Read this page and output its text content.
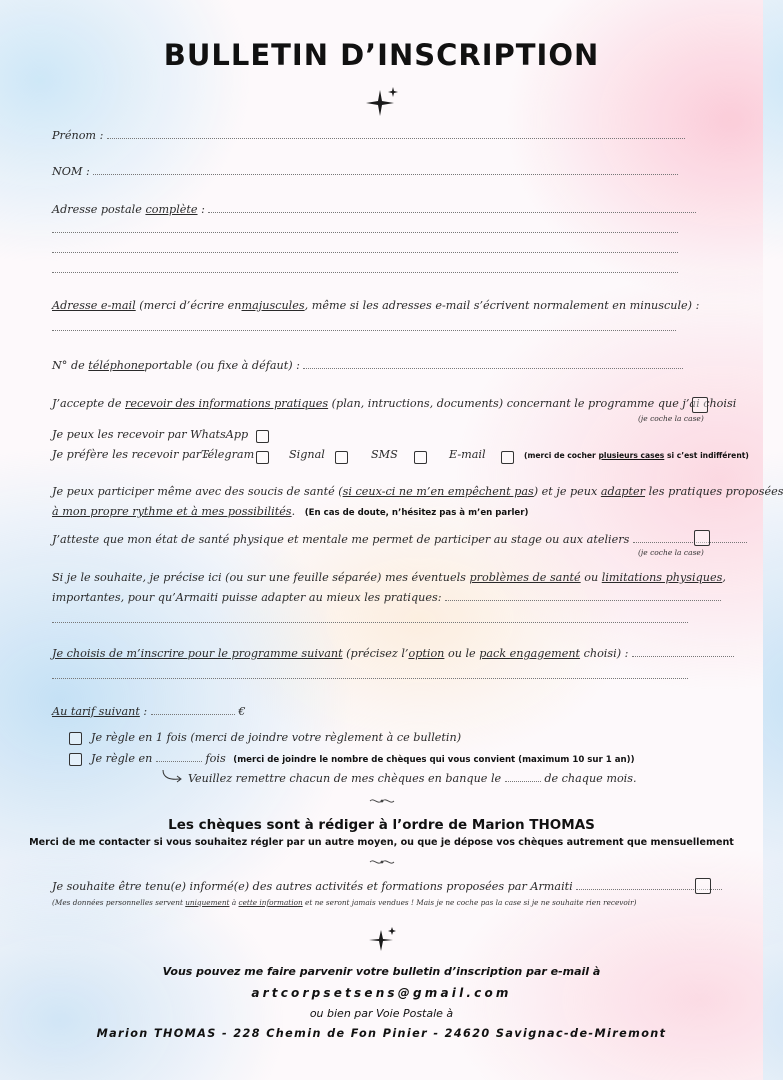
BULLETIN D’INSCRIPTION
Prénom :
NOM :
Adresse postale complète :
Adresse e-mail (merci d’écrire enmajuscules, même si les adresses e-mail s’écrivent normalement en minuscule) :
N° de téléphoneportable (ou fixe à défaut) :
J’accepte de recevoir des informations pratiques (plan, intructions, documents) concernant le programme que j’ai choisi
(je coche la case)
Je peux les recevoir par WhatsApp
Je préfère les recevoir par :
Télegram	Signal	SMS	E-mail	(merci de cocher plusieurs cases si c’est indifférent)
Je peux participer même avec des soucis de santé (si ceux-ci ne m’en empêchent pas) et je peux adapter les pratiques proposées
à mon propre rythme et à mes possibilités. (En cas de doute, n’hésitez pas à m’en parler)
J’atteste que mon état de santé physique et mentale me permet de participer au stage ou aux ateliers
(je coche la case)
Si je le souhaite, je précise ici (ou sur une feuille séparée) mes éventuels problèmes de santé ou limitations physiques,
importantes, pour qu’Armaiti puisse adapter au mieux les pratiques:
Je choisis de m’inscrire pour le programme suivant (précisez l’option ou le pack engagement choisi) :
Au tarif suivant :	€
Je règle en 1 fois (merci de joindre votre règlement à ce bulletin)
Je règle en	fois (merci de joindre le nombre de chèques qui vous convient (maximum 10 sur 1 an))
Veuillez remettre chacun de mes chèques en banque le	de chaque mois.
Les chèques sont à rédiger à l’ordre de Marion THOMAS
Merci de me contacter si vous souhaitez régler par un autre moyen, ou que je dépose vos chèques autrement que mensuellement
Je souhaite être tenu(e) informé(e) des autres activités et formations proposées par Armaiti
(Mes données personnelles servent uniquement à cette information et ne seront jamais vendues ! Mais je ne coche pas la case si je ne souhaite rien recevoir)
Vous pouvez me faire parvenir votre bulletin d’inscription par e-mail à
artcorpsetsens@gmail.com
ou bien par Voie Postale à
Marion THOMAS - 228 Chemin de Fon Pinier - 24620 Savignac-de-Miremont
